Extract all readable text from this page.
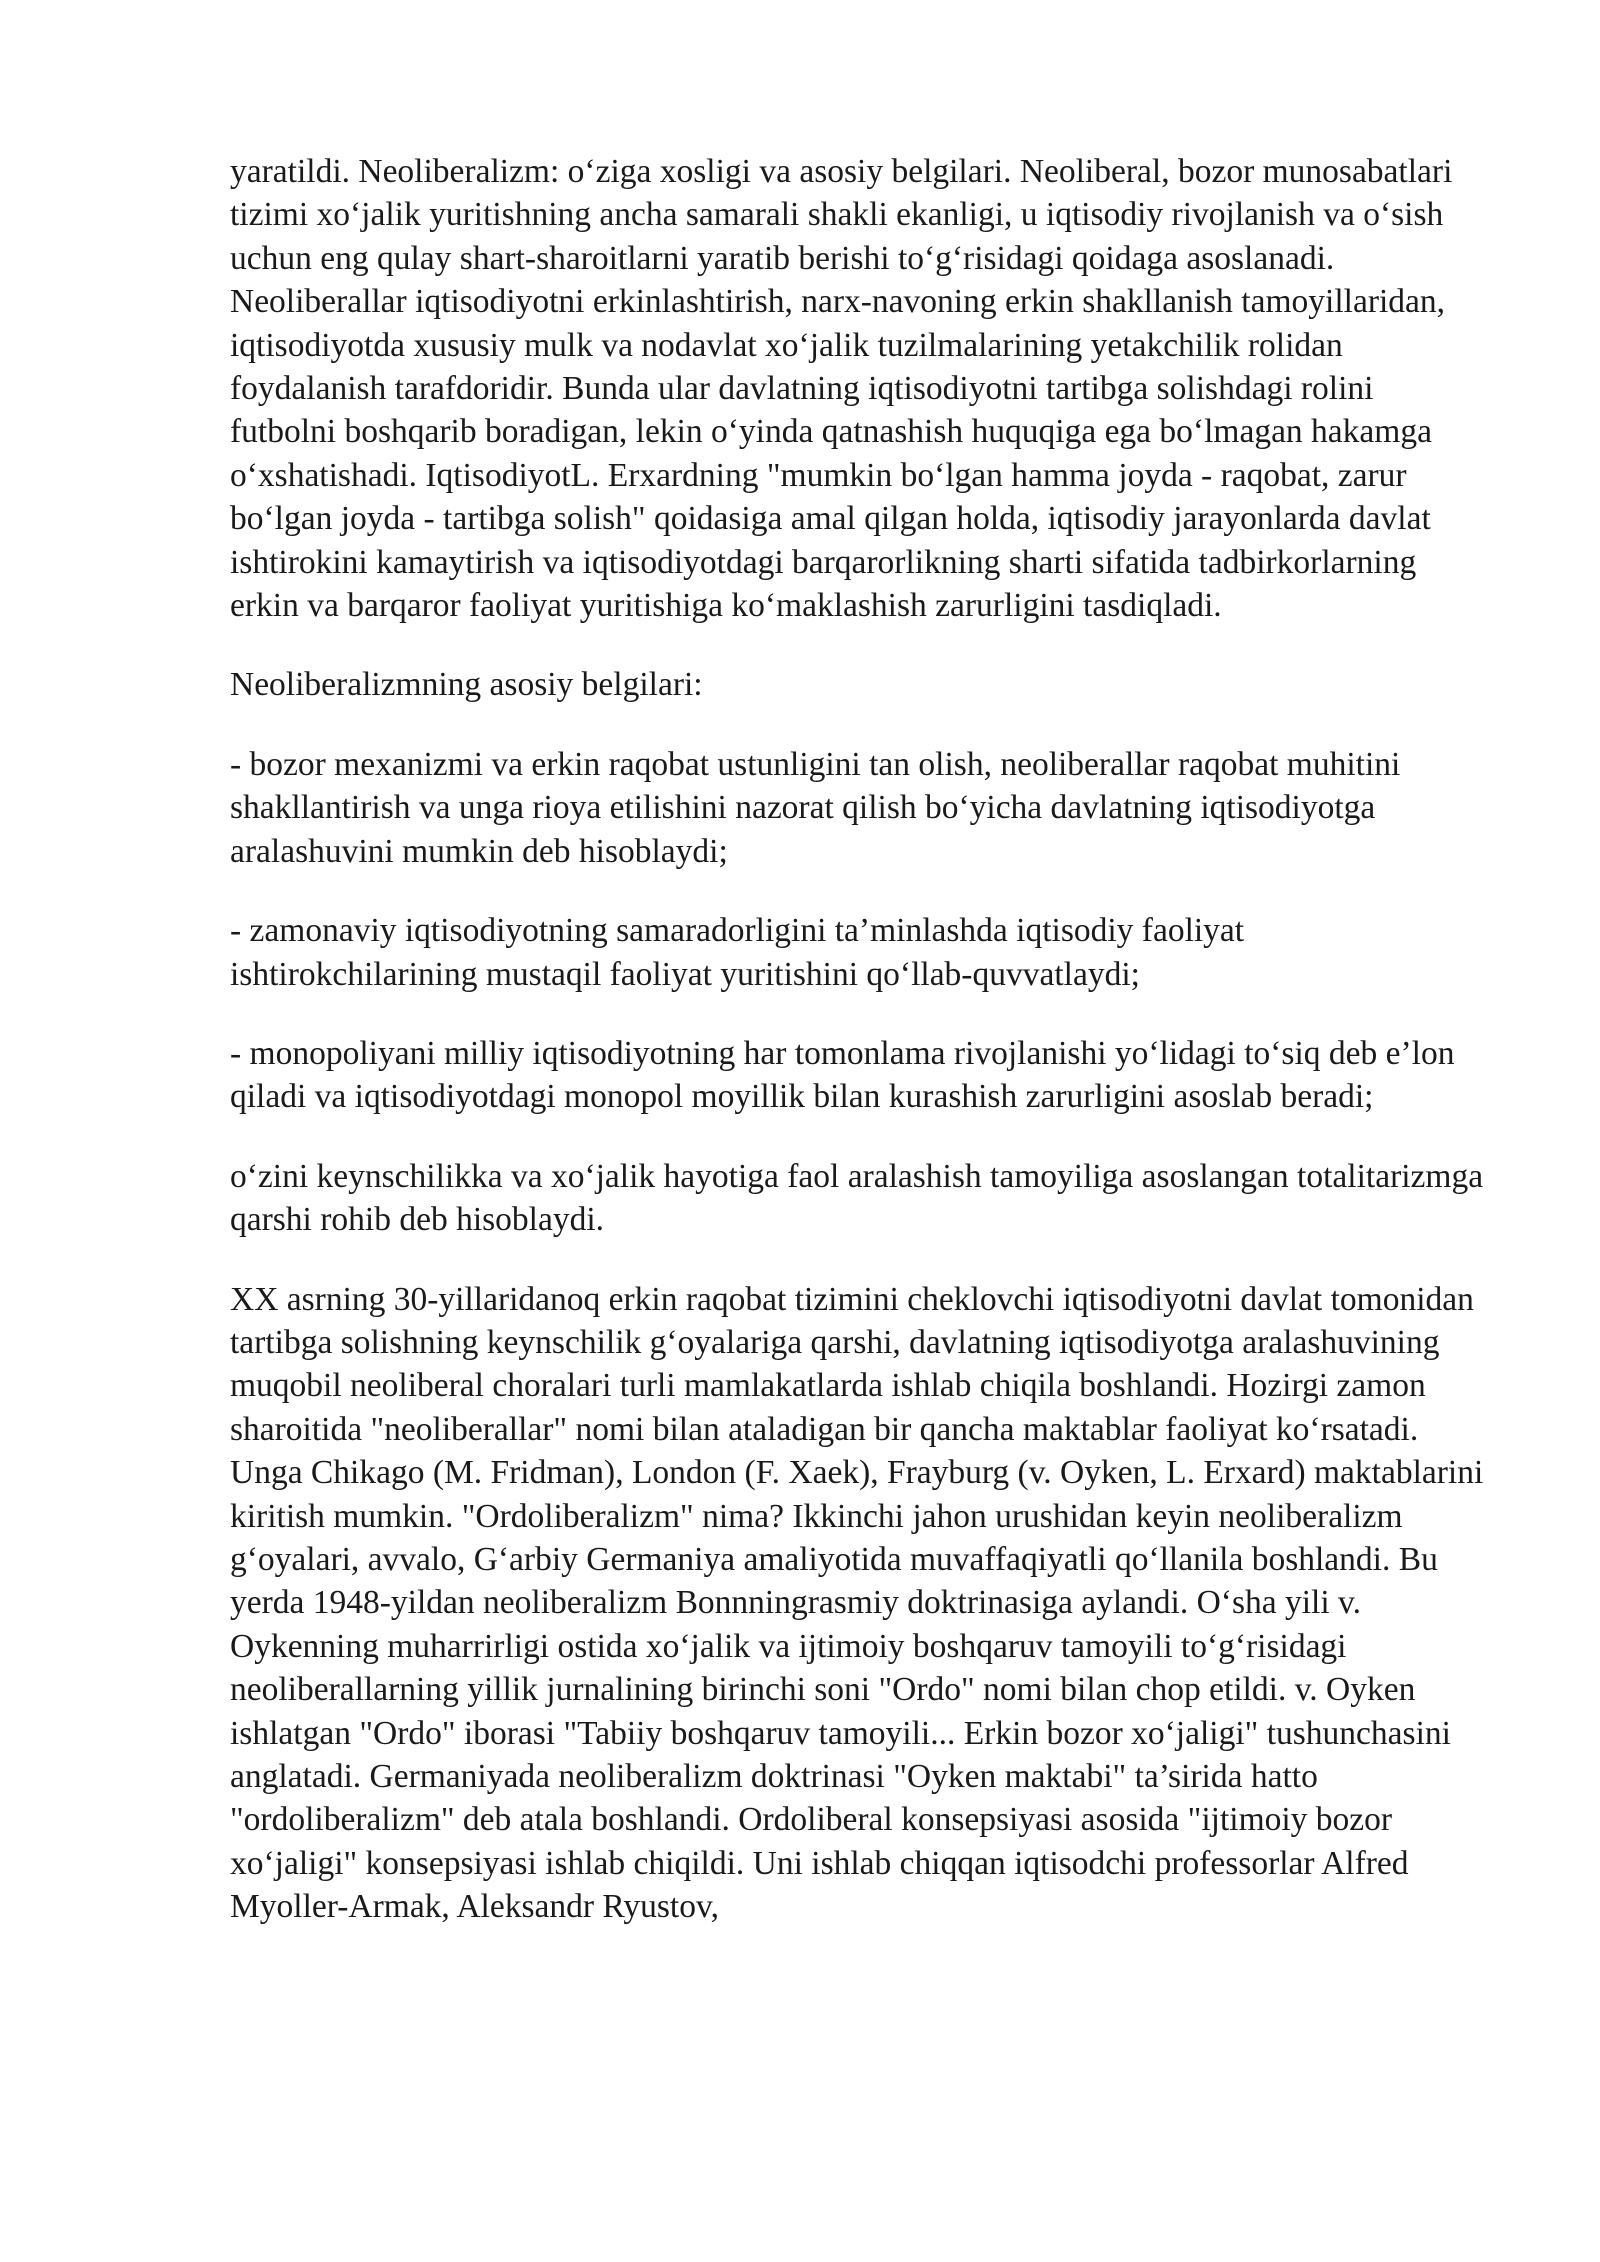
yaratildi. Neoliberalizm: o‘ziga xosligi va asosiy belgilari. Neoliberal, bozor munosabatlari tizimi xo‘jalik yuritishning ancha samarali shakli ekanligi, u iqtisodiy rivojlanish va o‘sish uchun eng qulay shart-sharoitlarni yaratib berishi to‘g‘risidagi qoidaga asoslanadi. Neoliberallar iqtisodiyotni erkinlashtirish, narx-navoning erkin shakllanish tamoyillaridan, iqtisodiyotda xususiy mulk va nodavlat xo‘jalik tuzilmalarining yetakchilik rolidan foydalanish tarafdoridir. Bunda ular davlatning iqtisodiyotni tartibga solishdagi rolini futbolni boshqarib boradigan, lekin o‘yinda qatnashish huquqiga ega bo‘lmagan hakamga o‘xshatishadi. IqtisodiyotL. Erxardning "mumkin bo‘lgan hamma joyda - raqobat, zarur bo‘lgan joyda - tartibga solish" qoidasiga amal qilgan holda, iqtisodiy jarayonlarda davlat ishtirokini kamaytirish va iqtisodiyotdagi barqarorlikning sharti sifatida tadbirkorlarning erkin va barqaror faoliyat yuritishiga ko‘maklashish zarurligini tasdiqladi.

Neoliberalizmning asosiy belgilari:

- bozor mexanizmi va erkin raqobat ustunligini tan olish, neoliberallar raqobat muhitini shakllantirish va unga rioya etilishini nazorat qilish bo‘yicha davlatning iqtisodiyotga aralashuvini mumkin deb hisoblaydi;

- zamonaviy iqtisodiyotning samaradorligini ta’minlashda iqtisodiy faoliyat ishtirokchilarining mustaqil faoliyat yuritishini qo‘llab-quvvatlaydi;

- monopoliyani milliy iqtisodiyotning har tomonlama rivojlanishi yo‘lidagi to‘siq deb e’lon qiladi va iqtisodiyotdagi monopol moyillik bilan kurashish zarurligini asoslab beradi;

o‘zini keynschilikka va xo‘jalik hayotiga faol aralashish tamoyiliga asoslangan totalitarizmga qarshi rohib deb hisoblaydi.

XX asrning 30-yillaridanoq erkin raqobat tizimini cheklovchi iqtisodiyotni davlat tomonidan tartibga solishning keynschilik g‘oyalariga qarshi, davlatning iqtisodiyotga aralashuvining muqobil neoliberal choralari turli mamlakatlarda ishlab chiqila boshlandi. Hozirgi zamon sharoitida "neoliberallar" nomi bilan ataladigan bir qancha maktablar faoliyat ko‘rsatadi. Unga Chikago (M. Fridman), London (F. Xaek), Frayburg (v. Oyken, L. Erxard) maktablarini kiritish mumkin. "Ordoliberalizm" nima? Ikkinchi jahon urushidan keyin neoliberalizm g‘oyalari, avvalo, G‘arbiy Germaniya amaliyotida muvaffaqiyatli qo‘llanila boshlandi. Bu yerda 1948-yildan neoliberalizm Bonnningrasmiy doktrinasiga aylandi. O‘sha yili v. Oykenning muharrirligi ostida xo‘jalik va ijtimoiy boshqaruv tamoyili to‘g‘risidagi neoliberallarning yillik jurnalining birinchi soni "Ordo" nomi bilan chop etildi. v. Oyken ishlatgan "Ordo" iborasi "Tabiiy boshqaruv tamoyili... Erkin bozor xo‘jaligi" tushunchasini anglatadi. Germaniyada neoliberalizm doktrinasi "Oyken maktabi" ta’sirida hatto "ordoliberalizm" deb atala boshlandi. Ordoliberal konsepsiyasi asosida "ijtimoiy bozor xo‘jaligi" konsepsiyasi ishlab chiqildi. Uni ishlab chiqqan iqtisodchi professorlar Alfred Myoller-Armak, Aleksandr Ryustov,
